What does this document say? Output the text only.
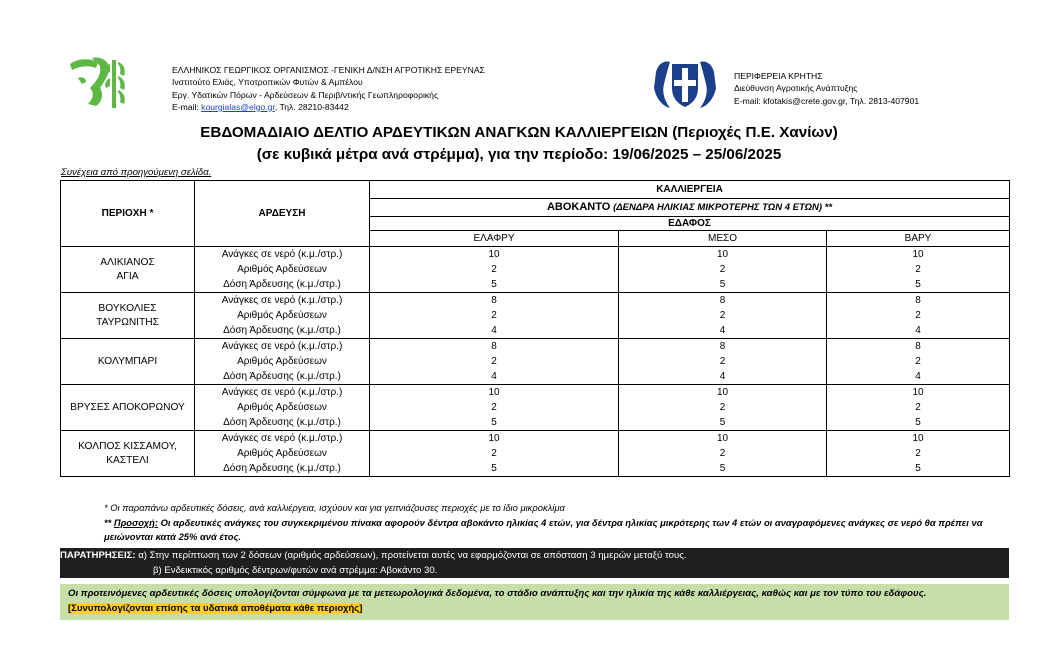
ΕΛΛΗΝΙΚΟΣ ΓΕΩΡΓΙΚΟΣ ΟΡΓΑΝΙΣΜΟΣ -ΓΕΝΙΚΗ Δ/ΝΣΗ ΑΓΡΟΤΙΚΗΣ ΕΡΕΥΝΑΣ
Ινστιτούτο Ελιάς, Υποτροπικών Φυτών & Αμπέλου
Εργ. Υδατικών Πόρων - Αρδεύσεων & Περιβ/ντικής Γεωπληροφορικής
E-mail: kourgialas@elgo.gr, Τηλ. 28210-83442
ΠΕΡΙΦΕΡΕΙΑ ΚΡΗΤΗΣ
Διεύθυνση Αγροτικής Ανάπτυξης
E-mail: kfotakis@crete.gov.gr, Τηλ. 2813-407901
ΕΒΔΟΜΑΔΙΑΙΟ ΔΕΛΤΙΟ ΑΡΔΕΥΤΙΚΩΝ ΑΝΑΓΚΩΝ ΚΑΛΛΙΕΡΓΕΙΩΝ (Περιοχές Π.Ε. Χανίων)
(σε κυβικά μέτρα ανά στρέμμα), για την περίοδο: 19/06/2025 – 25/06/2025
Συνέχεια από προηγούμενη σελίδα.
ΠΕΡΙΟΧΗ *	ΑΡΔΕΥΣΗ	ΚΑΛΛΙΕΡΓΕΙΑ		
		ΑΒΟΚΑΝΤΟ (ΔΕΝΔΡΑ ΗΛΙΚΙΑΣ ΜΙΚΡΟΤΕΡΗΣ ΤΩΝ 4 ΕΤΩΝ) **		
		ΕΔΑΦΟΣ		
		ΕΛΑΦΡΥ	ΜΕΣΟ	ΒΑΡΥ

ΑΛΙΚΙΑΝΟΣ
ΑΓΙΑ	Ανάγκες σε νερό (κ.μ./στρ.)	10	10	10
	Αριθμός Αρδεύσεων	2	2	2
	Δόση Άρδευσης (κ.μ./στρ.)	5	5	5

ΒΟΥΚΟΛΙΕΣ
ΤΑΥΡΩΝΙΤΗΣ	Ανάγκες σε νερό (κ.μ./στρ.)	8	8	8
	Αριθμός Αρδεύσεων	2	2	2
	Δόση Άρδευσης (κ.μ./στρ.)	4	4	4

ΚΟΛΥΜΠΑΡΙ	Ανάγκες σε νερό (κ.μ./στρ.)	8	8	8
	Αριθμός Αρδεύσεων	2	2	2
	Δόση Άρδευσης (κ.μ./στρ.)	4	4	4

ΒΡΥΣΕΣ ΑΠΟΚΟΡΩΝΟΥ	Ανάγκες σε νερό (κ.μ./στρ.)	10	10	10
	Αριθμός Αρδεύσεων	2	2	2
	Δόση Άρδευσης (κ.μ./στρ.)	5	5	5

ΚΟΛΠΟΣ ΚΙΣΣΑΜΟΥ,
ΚΑΣΤΕΛΙ	Ανάγκες σε νερό (κ.μ./στρ.)	10	10	10
	Αριθμός Αρδεύσεων	2	2	2
	Δόση Άρδευσης (κ.μ./στρ.)	5	5	5
* Οι παραπάνω αρδευτικές δόσεις, ανά καλλιέργεια, ισχύουν και για γειτνιάζουσες περιοχές με το ίδιο μικροκλίμα
** Προσοχή: Οι αρδευτικές ανάγκες του συγκεκριμένου πίνακα αφορούν δέντρα αβοκάντο ηλικίας 4 ετών, για δέντρα ηλικίας μικρότερης των 4 ετών οι αναγραφόμενες ανάγκες σε νερό θα πρέπει να μειώνονται κατά 25% ανά έτος.
ΠΑΡΑΤΗΡΗΣΕΙΣ: α) Στην περίπτωση των 2 δόσεων (αριθμός αρδεύσεων), προτείνεται αυτές να εφαρμόζονται σε απόσταση 3 ημερών μεταξύ τους.
β) Ενδεικτικός αριθμός δέντρων/φυτών ανά στρέμμα: Αβοκάντο 30.
Οι προτεινόμενες αρδευτικές δόσεις υπολογίζονται σύμφωνα με τα μετεωρολογικά δεδομένα, το στάδιο ανάπτυξης και την ηλικία της κάθε καλλιέργειας, καθώς και με τον τύπο του εδάφους. [Συνυπολογίζονται επίσης τα υδατικά αποθέματα κάθε περιοχής]
